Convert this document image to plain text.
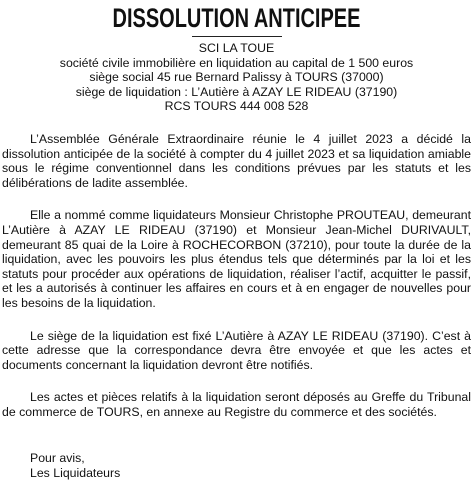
DISSOLUTION ANTICIPEE
SCI LA TOUE
société civile immobilière en liquidation au capital de 1 500 euros
siège social 45 rue Bernard Palissy à TOURS (37000)
siège de liquidation : L’Autière à AZAY LE RIDEAU (37190)
RCS TOURS 444 008 528

L’Assemblée Générale Extraordinaire réunie le 4 juillet 2023 a décidé la dissolution anticipée de la société à compter du 4 juillet 2023 et sa liquidation amiable sous le régime conventionnel dans les conditions prévues par les statuts et les délibérations de ladite assemblée.

Elle a nommé comme liquidateurs Monsieur Christophe PROUTEAU, demeurant L’Autière à AZAY LE RIDEAU (37190) et Monsieur Jean-Michel DURIVAULT, demeurant 85 quai de la Loire à ROCHECORBON (37210), pour toute la durée de la liquidation, avec les pouvoirs les plus étendus tels que déterminés par la loi et les statuts pour procéder aux opérations de liquidation, réaliser l’actif, acquitter le passif, et les a autorisés à continuer les affaires en cours et à en engager de nouvelles pour les besoins de la liquidation.

Le siège de la liquidation est fixé L’Autière à AZAY LE RIDEAU (37190). C’est à cette adresse que la correspondance devra être envoyée et que les actes et documents concernant la liquidation devront être notifiés.

Les actes et pièces relatifs à la liquidation seront déposés au Greffe du Tribunal de commerce de TOURS, en annexe au Registre du commerce et des sociétés.

Pour avis,
Les Liquidateurs
